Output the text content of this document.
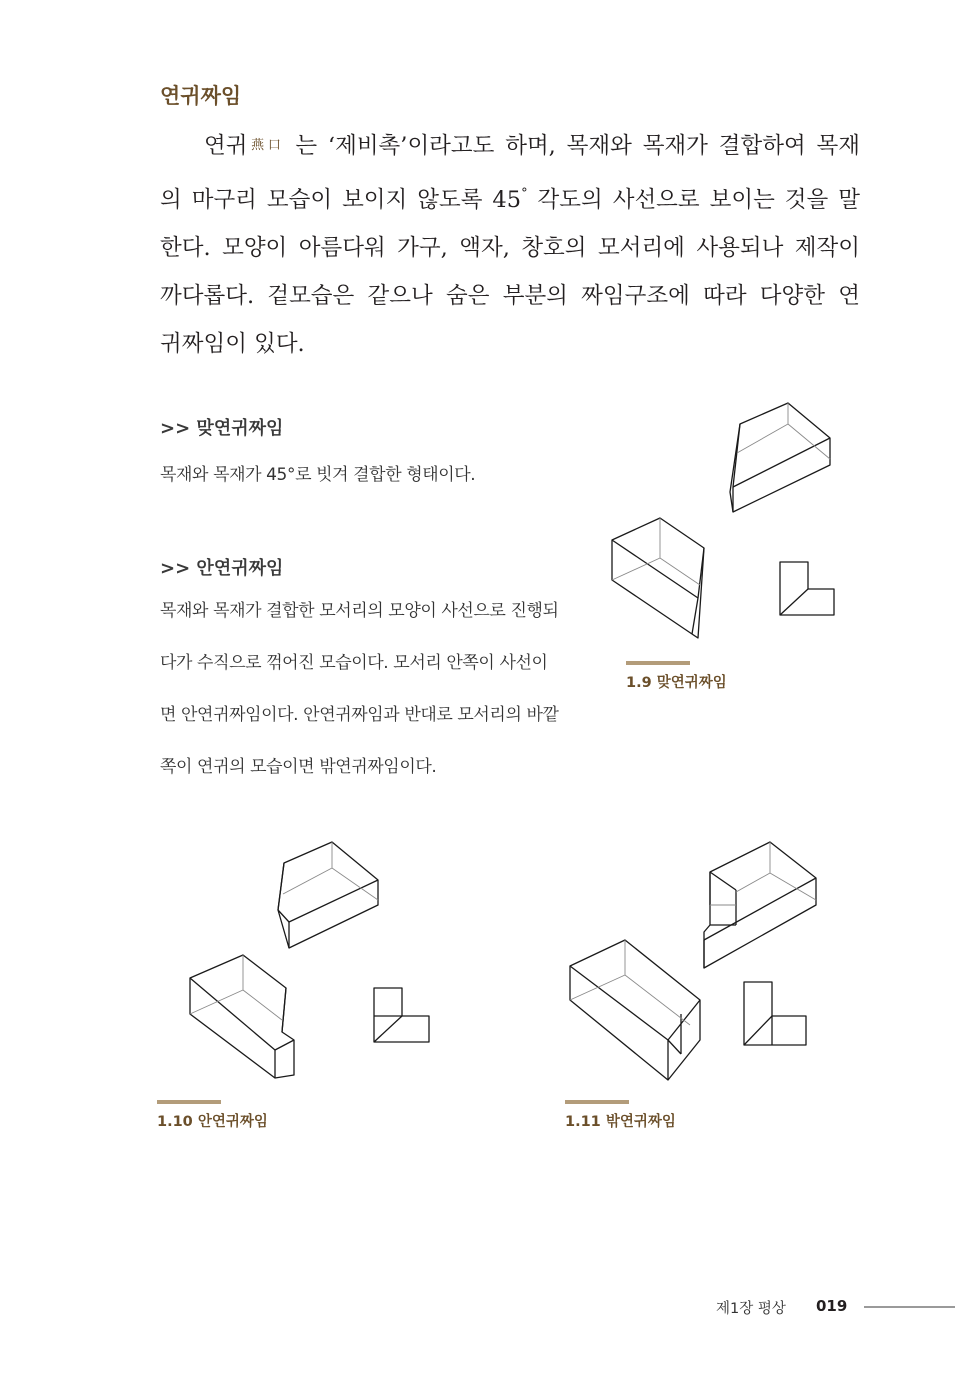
연귀짜임
연귀燕口 는 ‘제비촉’이라고도 하며, 목재와 목재가 결합하여 목재
의 마구리 모습이 보이지 않도록 45° 각도의 사선으로 보이는 것을 말
한다. 모양이 아름다워 가구, 액자, 창호의 모서리에 사용되나 제작이
까다롭다. 겉모습은 같으나 숨은 부분의 짜임구조에 따라 다양한 연
귀짜임이 있다.
>> 맞연귀짜임
목재와 목재가 45°로 빗겨 결합한 형태이다.
>> 안연귀짜임
목재와 목재가 결합한 모서리의 모양이 사선으로 진행되
다가 수직으로 꺾어진 모습이다. 모서리 안쪽이 사선이
면 안연귀짜임이다. 안연귀짜임과 반대로 모서리의 바깥
쪽이 연귀의 모습이면 밖연귀짜임이다.
1.9 맞연귀짜임
1.10 안연귀짜임	1.11 밖연귀짜임
제1장 평상 019
